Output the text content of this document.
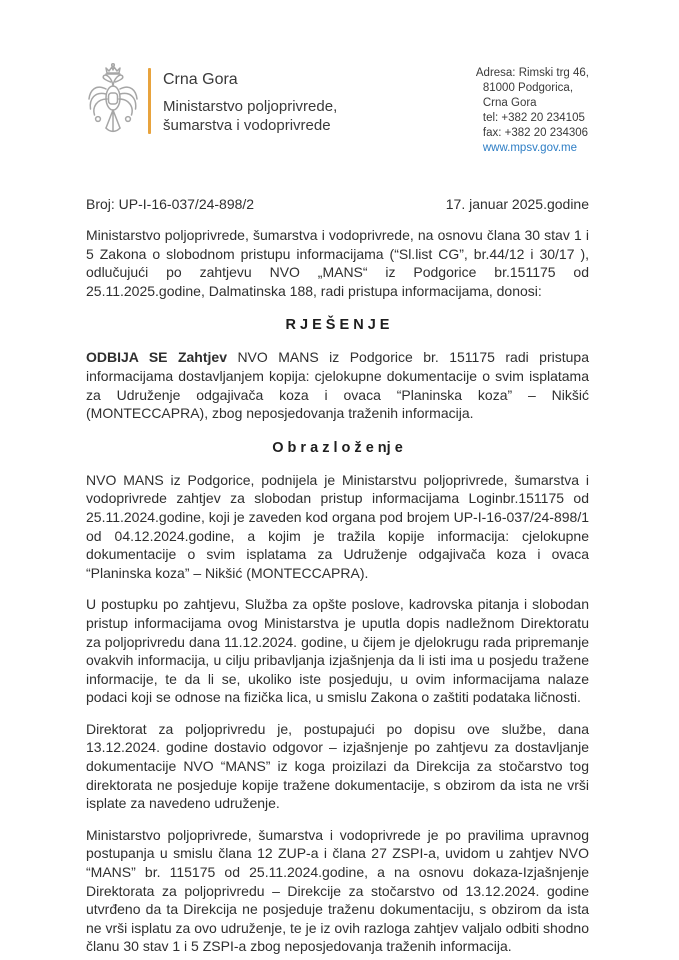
Crna Gora
Ministarstvo poljoprivrede,
šumarstva i vodoprivrede
Adresa: Rimski trg 46,
81000 Podgorica,
Crna Gora
tel: +382 20 234105
fax: +382 20 234306
www.mpsv.gov.me
Broj: UP-I-16-037/24-898/2	17. januar 2025.godine

Ministarstvo poljoprivrede, šumarstva i vodoprivrede, na osnovu člana 30 stav 1 i 5 Zakona o slobodnom pristupu informacijama (“Sl.list CG”, br.44/12 i 30/17 ), odlučujući po zahtjevu NVO „MANS“ iz Podgorice br.151175 od 25.11.2025.godine, Dalmatinska 188, radi pristupa informacijama, donosi:

R J E Š E N J E

ODBIJA SE Zahtjev NVO MANS iz Podgorice br. 151175 radi pristupa informacijama dostavljanjem kopija: cjelokupne dokumentacije o svim isplatama za Udruženje odgajivača koza i ovaca “Planinska koza” – Nikšić (MONTECCAPRA), zbog neposjedovanja traženih informacija.

O b r a z l o ž e nj e

NVO MANS iz Podgorice, podnijela je Ministarstvu poljoprivrede, šumarstva i vodoprivrede zahtjev za slobodan pristup informacijama Loginbr.151175 od 25.11.2024.godine, koji je zaveden kod organa pod brojem UP-I-16-037/24-898/1 od 04.12.2024.godine, a kojim je tražila kopije informacija: cjelokupne dokumentacije o svim isplatama za Udruženje odgajivača koza i ovaca “Planinska koza” – Nikšić (MONTECCAPRA).

U postupku po zahtjevu, Služba za opšte poslove, kadrovska pitanja i slobodan pristup informacijama ovog Ministarstva je uputla dopis nadležnom Direktoratu za poljoprivredu dana 11.12.2024. godine, u čijem je djelokrugu rada pripremanje ovakvih informacija, u cilju pribavljanja izjašnjenja da li isti ima u posjedu tražene informacije, te da li se, ukoliko iste posjeduju, u ovim informacijama nalaze podaci koji se odnose na fizička lica, u smislu Zakona o zaštiti podataka ličnosti.

Direktorat za poljoprivredu je, postupajući po dopisu ove službe, dana 13.12.2024. godine dostavio odgovor – izjašnjenje po zahtjevu za dostavljanje dokumentacije NVO “MANS” iz koga proizilazi da Direkcija za stočarstvo tog direktorata ne posjeduje kopije tražene dokumentacije, s obzirom da ista ne vrši isplate za navedeno udruženje.

Ministarstvo poljoprivrede, šumarstva i vodoprivrede je po pravilima upravnog postupanja u smislu člana 12 ZUP-a i člana 27 ZSPI-a, uvidom u zahtjev NVO “MANS” br. 115175 od 25.11.2024.godine, a na osnovu dokaza-Izjašnjenje Direktorata za poljoprivredu – Direkcije za stočarstvo od 13.12.2024. godine utvrđeno da ta Direkcija ne posjeduje traženu dokumentaciju, s obzirom da ista ne vrši isplatu za ovo udruženje, te je iz ovih razloga zahtjev valjalo odbiti shodno članu 30 stav 1 i 5 ZSPI-a zbog neposjedovanja traženih informacija.
